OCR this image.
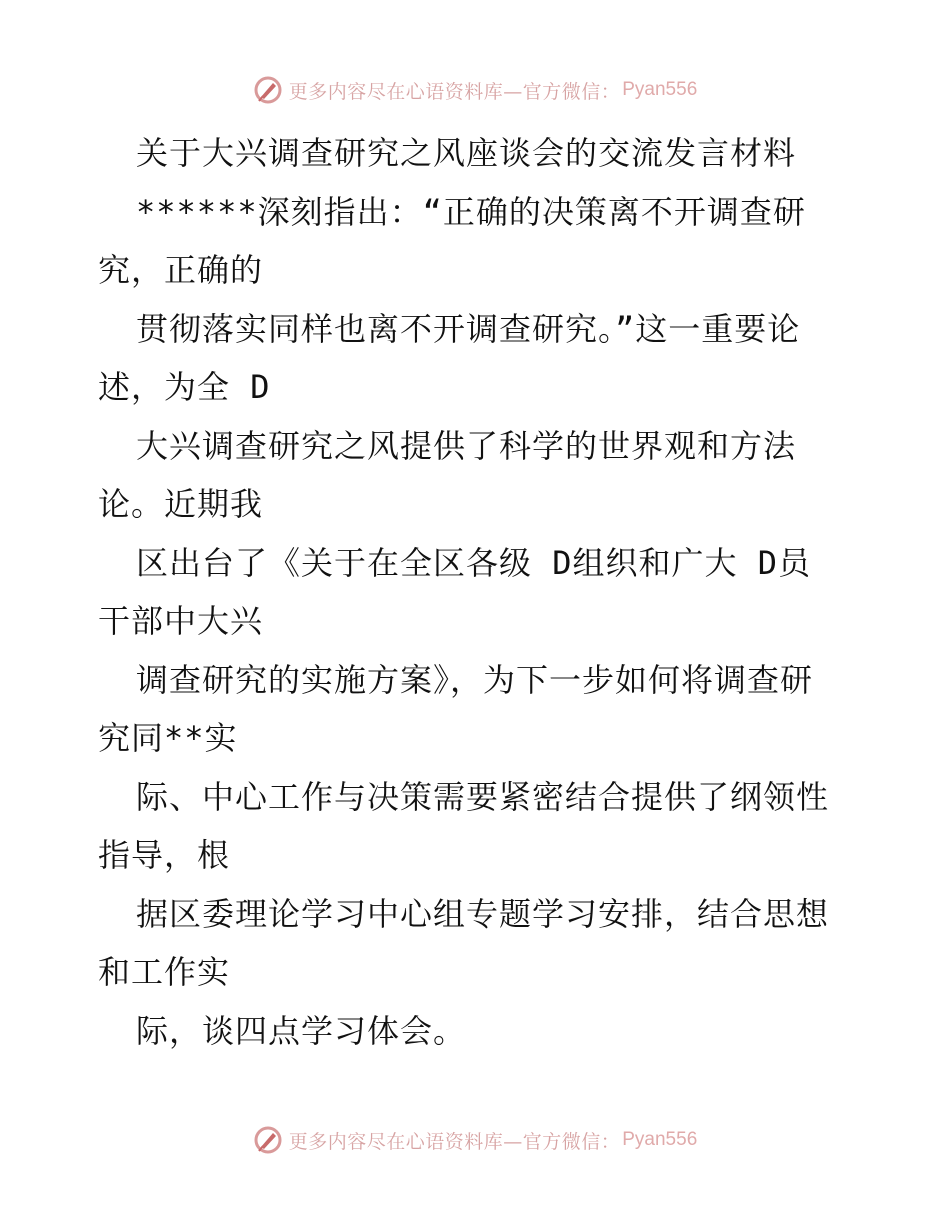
更多内容尽在心语资料库—官方微信： Pyan556
关于大兴调查研究之风座谈会的交流发言材料
******深刻指出：“正确的决策离不开调查研
究，正确的
贯彻落实同样也离不开调查研究。”这一重要论
述，为全 D
大兴调查研究之风提供了科学的世界观和方法
论。近期我
区出台了《关于在全区各级 D组织和广大 D员
干部中大兴
调查研究的实施方案》，为下一步如何将调查研
究同**实
际、中心工作与决策需要紧密结合提供了纲领性
指导，根
据区委理论学习中心组专题学习安排，结合思想
和工作实
际，谈四点学习体会。
更多内容尽在心语资料库—官方微信： Pyan556
